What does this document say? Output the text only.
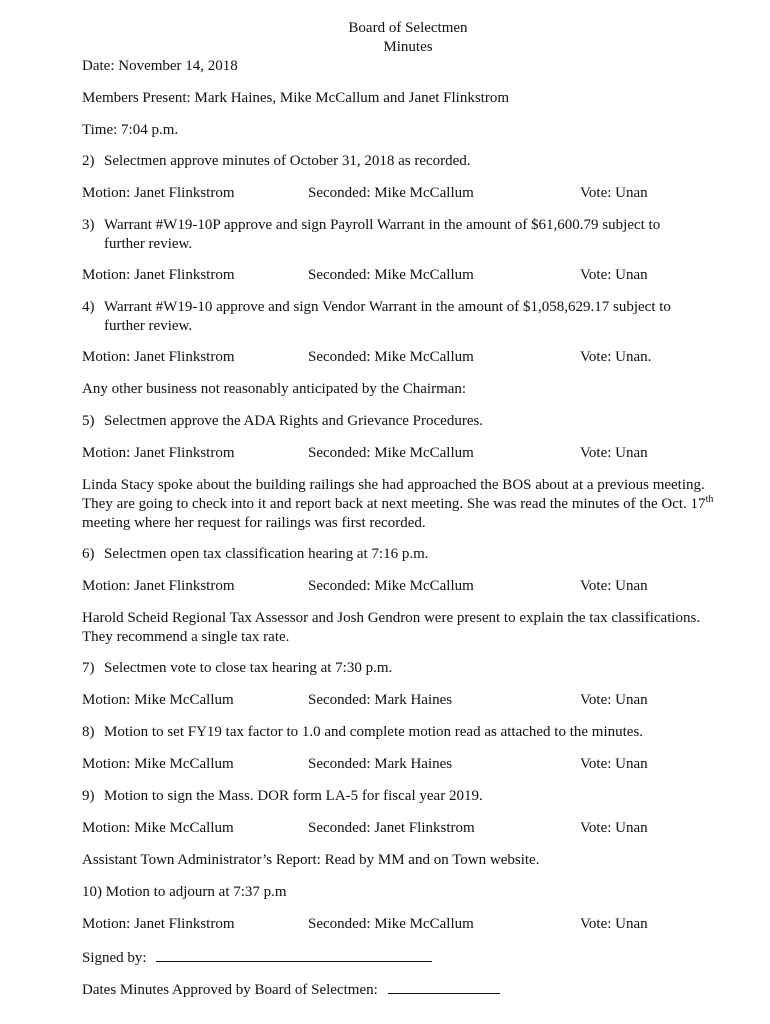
Board of Selectmen
Minutes
Date: November 14, 2018
Members Present: Mark Haines, Mike McCallum and Janet Flinkstrom
Time: 7:04 p.m.
2) Selectmen approve minutes of October 31, 2018 as recorded.
Motion: Janet Flinkstrom	Seconded: Mike McCallum	Vote: Unan
3) Warrant #W19-10P approve and sign Payroll Warrant in the amount of $61,600.79 subject to further review.
Motion: Janet Flinkstrom	Seconded: Mike McCallum	Vote: Unan
4) Warrant #W19-10 approve and sign Vendor Warrant in the amount of $1,058,629.17 subject to further review.
Motion: Janet Flinkstrom	Seconded: Mike McCallum	Vote: Unan.
Any other business not reasonably anticipated by the Chairman:
5) Selectmen approve the ADA Rights and Grievance Procedures.
Motion: Janet Flinkstrom	Seconded: Mike McCallum	Vote: Unan
Linda Stacy spoke about the building railings she had approached the BOS about at a previous meeting. They are going to check into it and report back at next meeting. She was read the minutes of the Oct. 17th meeting where her request for railings was first recorded.
6) Selectmen open tax classification hearing at 7:16 p.m.
Motion: Janet Flinkstrom	Seconded: Mike McCallum	Vote: Unan
Harold Scheid Regional Tax Assessor and Josh Gendron were present to explain the tax classifications. They recommend a single tax rate.
7) Selectmen vote to close tax hearing at 7:30 p.m.
Motion: Mike McCallum	Seconded: Mark Haines	Vote: Unan
8) Motion to set FY19 tax factor to 1.0 and complete motion read as attached to the minutes.
Motion: Mike McCallum	Seconded: Mark Haines	Vote: Unan
9) Motion to sign the Mass. DOR form LA-5 for fiscal year 2019.
Motion: Mike McCallum	Seconded: Janet Flinkstrom	Vote: Unan
Assistant Town Administrator’s Report: Read by MM and on Town website.
10) Motion to adjourn at 7:37 p.m
Motion: Janet Flinkstrom	Seconded: Mike McCallum	Vote: Unan
Signed by:
Dates Minutes Approved by Board of Selectmen:
